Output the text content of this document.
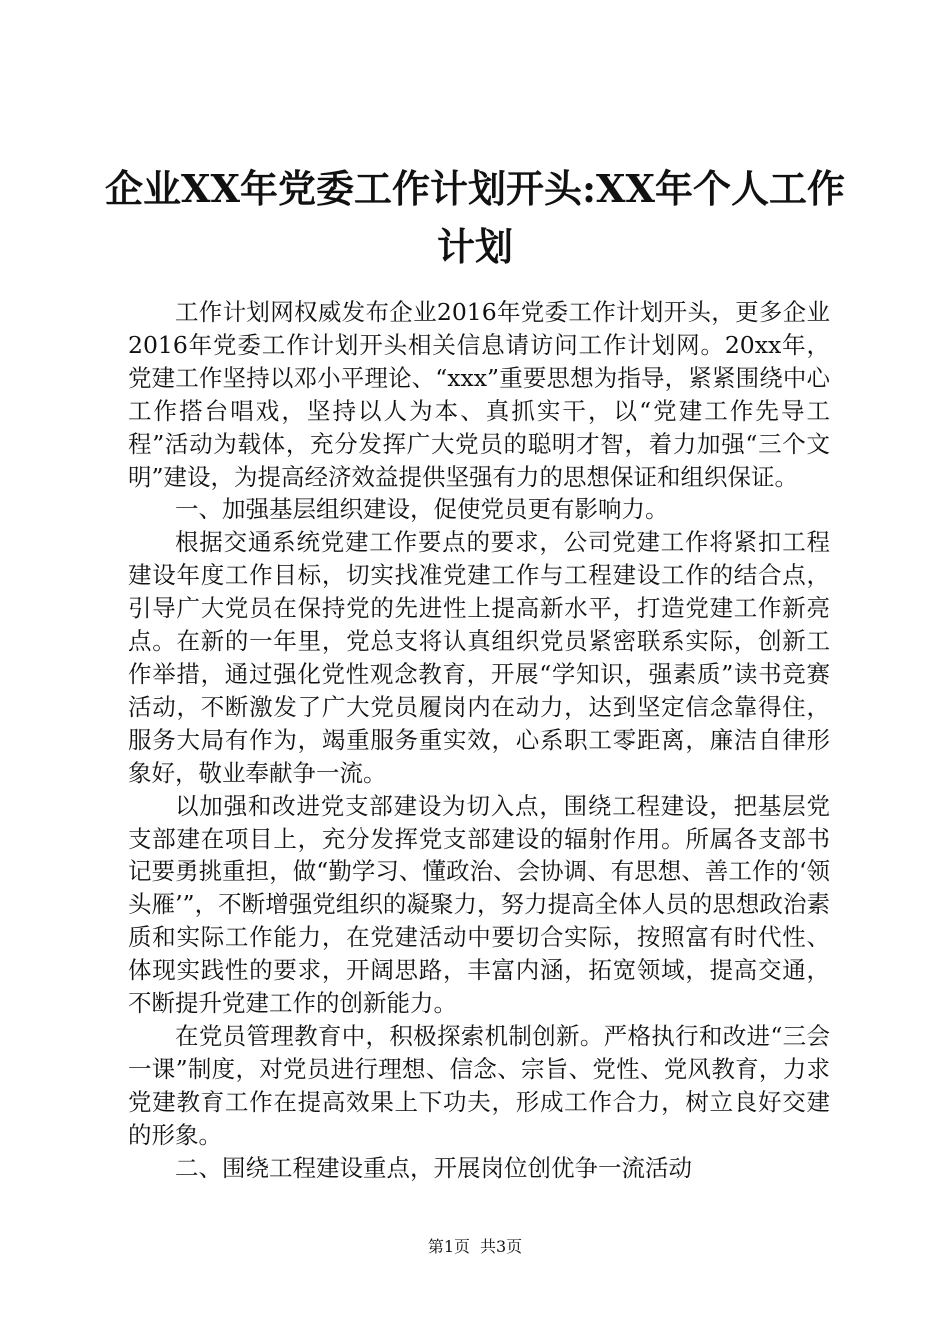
企业XX年党委工作计划开头:XX年个人工作计划

工作计划网权威发布企业2016年党委工作计划开头，更多企业2016年党委工作计划开头相关信息请访问工作计划网。20xx年，党建工作坚持以邓小平理论、“xxx”重要思想为指导，紧紧围绕中心工作搭台唱戏，坚持以人为本、真抓实干，以“党建工作先导工程”活动为载体，充分发挥广大党员的聪明才智，着力加强“三个文明”建设，为提高经济效益提供坚强有力的思想保证和组织保证。

一、加强基层组织建设，促使党员更有影响力。

根据交通系统党建工作要点的要求，公司党建工作将紧扣工程建设年度工作目标，切实找准党建工作与工程建设工作的结合点，引导广大党员在保持党的先进性上提高新水平，打造党建工作新亮点。在新的一年里，党总支将认真组织党员紧密联系实际，创新工作举措，通过强化党性观念教育，开展“学知识，强素质”读书竞赛活动，不断激发了广大党员履岗内在动力，达到坚定信念靠得住，服务大局有作为，竭重服务重实效，心系职工零距离，廉洁自律形象好，敬业奉献争一流。

以加强和改进党支部建设为切入点，围绕工程建设，把基层党支部建在项目上，充分发挥党支部建设的辐射作用。所属各支部书记要勇挑重担，做“勤学习、懂政治、会协调、有思想、善工作的‘领头雁’”，不断增强党组织的凝聚力，努力提高全体人员的思想政治素质和实际工作能力，在党建活动中要切合实际，按照富有时代性、体现实践性的要求，开阔思路，丰富内涵，拓宽领域，提高交通，不断提升党建工作的创新能力。

在党员管理教育中，积极探索机制创新。严格执行和改进“三会一课”制度，对党员进行理想、信念、宗旨、党性、党风教育，力求党建教育工作在提高效果上下功夫，形成工作合力，树立良好交建的形象。

二、围绕工程建设重点，开展岗位创优争一流活动

第1页 共3页
